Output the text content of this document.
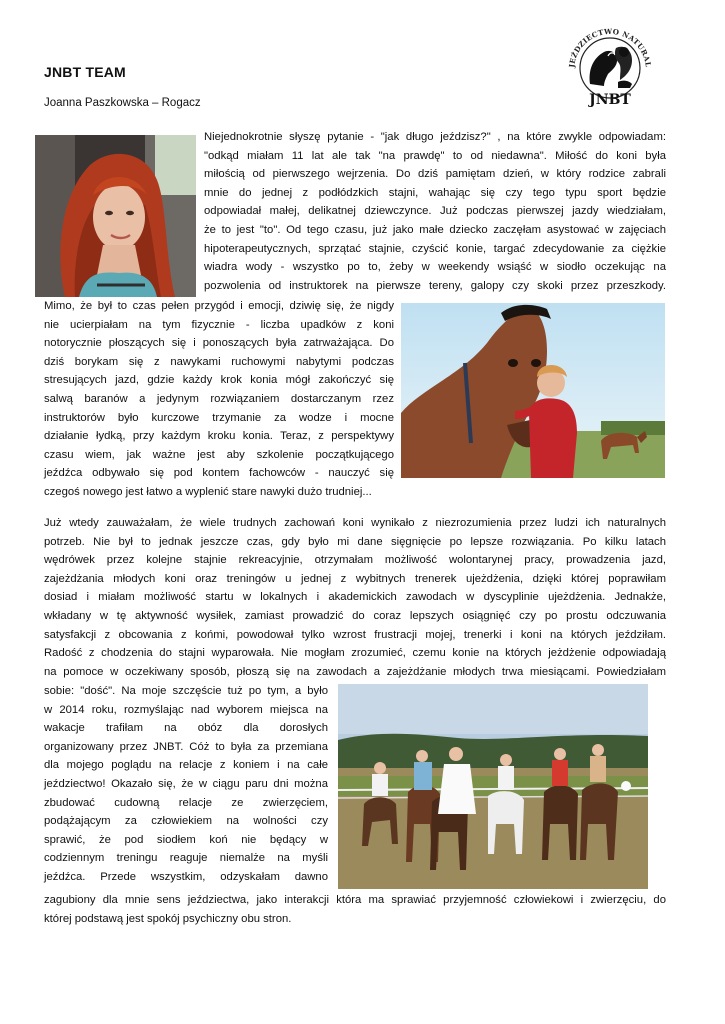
JNBT TEAM
Joanna Paszkowska – Rogacz
JEŹDZIECTWO NATURAL
JNBT
Niejednokrotnie słyszę pytanie - "jak długo jeździsz?" , na które zwykle odpowiadam:
"odkąd miałam 11 lat ale tak "na prawdę" to od niedawna". Miłość do koni była
miłością od pierwszego wejrzenia. Do dziś pamiętam dzień, w który rodzice zabrali
mnie do jednej z podłódzkich stajni, wahając się czy tego typu sport będzie
odpowiadał małej, delikatnej dziewczynce. Już podczas pierwszej jazdy wiedziałam,
że to jest "to". Od tego czasu, już jako małe dziecko zaczęłam asystować w zajęciach
hipoterapeutycznych, sprzątać stajnie, czyścić konie, targać zdecydowanie za ciężkie
wiadra wody - wszystko po to, żeby w weekendy wsiąść w siodło oczekując na
pozwolenia od instruktorek na pierwsze tereny, galopy czy skoki przez przeszkody.
Mimo, że był to czas pełen przygód i emocji, dziwię się, że nigdy
nie ucierpiałam na tym fizycznie - liczba upadków z koni
notorycznie płoszących się i ponoszących była zatrważająca. Do
dziś borykam się z nawykami ruchowymi nabytymi podczas
stresujących jazd, gdzie każdy krok konia mógł zakończyć się
salwą baranów a jedynym rozwiązaniem dostarczanym rzez
instruktorów było kurczowe trzymanie za wodze i mocne
działanie łydką, przy każdym kroku konia. Teraz, z perspektywy
czasu wiem, jak ważne jest aby szkolenie początkującego
jeźdźca odbywało się pod kontem fachowców - nauczyć się
czegoś nowego jest łatwo a wyplenić stare nawyki dużo trudniej...
Już wtedy zauważałam, że wiele trudnych zachowań koni wynikało z niezrozumienia przez ludzi ich naturalnych
potrzeb. Nie był to jednak jeszcze czas, gdy było mi dane sięgnięcie po lepsze rozwiązania. Po kilku latach
wędrówek przez kolejne stajnie rekreacyjnie, otrzymałam możliwość wolontarynej pracy, prowadzenia jazd,
zajeżdżania młodych koni oraz treningów u jednej z wybitnych trenerek ujeżdżenia, dzięki której poprawiłam
dosiad i miałam możliwość startu w lokalnych i akademickich zawodach w dyscyplinie ujeżdżenia. Jednakże,
wkładany w tę aktywność wysiłek, zamiast prowadzić do coraz lepszych osiągnięć czy po prostu odczuwania
satysfakcji z obcowania z końmi, powodował tylko wzrost frustracji mojej, trenerki i koni na których jeździłam.
Radość z chodzenia do stajni wyparowała. Nie mogłam zrozumieć, czemu konie na których jeżdżenie odpowiadają
na pomoce w oczekiwany sposób, płoszą się na zawodach a zajeżdżanie młodych trwa miesiącami. Powiedziałam
sobie: "dość". Na moje szczęście tuż po tym, a było
w 2014 roku, rozmyślając nad wyborem miejsca na
wakacje trafiłam na obóz dla dorosłych
organizowany przez JNBT. Cóż to była za przemiana
dla mojego poglądu na relacje z koniem i na całe
jeździectwo! Okazało się, że w ciągu paru dni można
zbudować cudowną relacje ze zwierzęciem,
podążającym za człowiekiem na wolności czy
sprawić, że pod siodłem koń nie będący w
codziennym treningu reaguje niemalże na myśli
jeźdźca. Przede wszystkim, odzyskałam dawno
zagubiony dla mnie sens jeździectwa, jako interakcji która ma sprawiać przyjemność człowiekowi i zwierzęciu, do
której podstawą jest spokój psychiczny obu stron.
